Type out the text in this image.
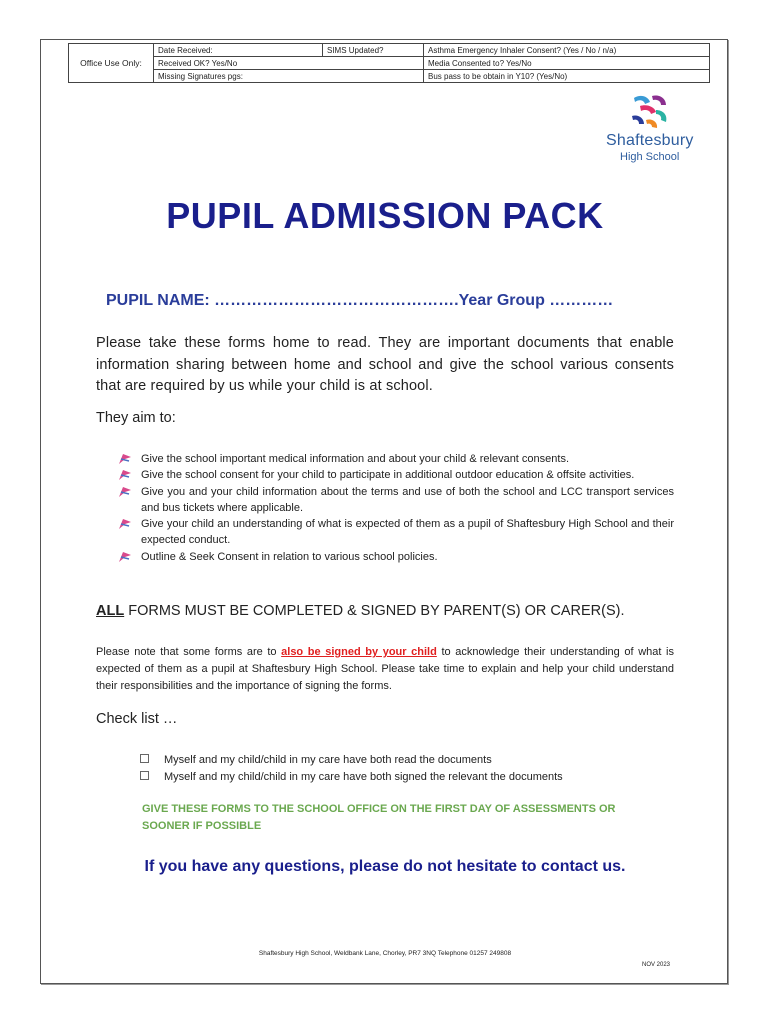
Office Use Only:	Date Received:	SIMS Updated?	Asthma Emergency Inhaler Consent? (Yes / No / n/a)
	Received OK? Yes/No		Media Consented to? Yes/No
	Missing Signatures pgs:		Bus pass to be obtain in Y10? (Yes/No)
Shaftesbury
High School
PUPIL ADMISSION PACK
PUPIL NAME: ……………………………………….Year Group …………
Please take these forms home to read. They are important documents that enable information sharing between home and school and give the school various consents that are required by us while your child is at school.
They aim to:
Give the school important medical information and about your child & relevant consents.
Give the school consent for your child to participate in additional outdoor education & offsite activities.
Give you and your child information about the terms and use of both the school and LCC transport services and bus tickets where applicable.
Give your child an understanding of what is expected of them as a pupil of Shaftesbury High School and their expected conduct.
Outline & Seek Consent in relation to various school policies.
ALL FORMS MUST BE COMPLETED & SIGNED BY PARENT(S) OR CARER(S).
Please note that some forms are to also be signed by your child to acknowledge their understanding of what is expected of them as a pupil at Shaftesbury High School. Please take time to explain and help your child understand their responsibilities and the importance of signing the forms.
Check list …
Myself and my child/child in my care have both read the documents
Myself and my child/child in my care have both signed the relevant the documents
GIVE THESE FORMS TO THE SCHOOL OFFICE ON THE FIRST DAY OF ASSESSMENTS OR SOONER IF POSSIBLE
If you have any questions, please do not hesitate to contact us.
Shaftesbury High School, Weldbank Lane, Chorley, PR7 3NQ Telephone 01257 249808
NOV 2023
